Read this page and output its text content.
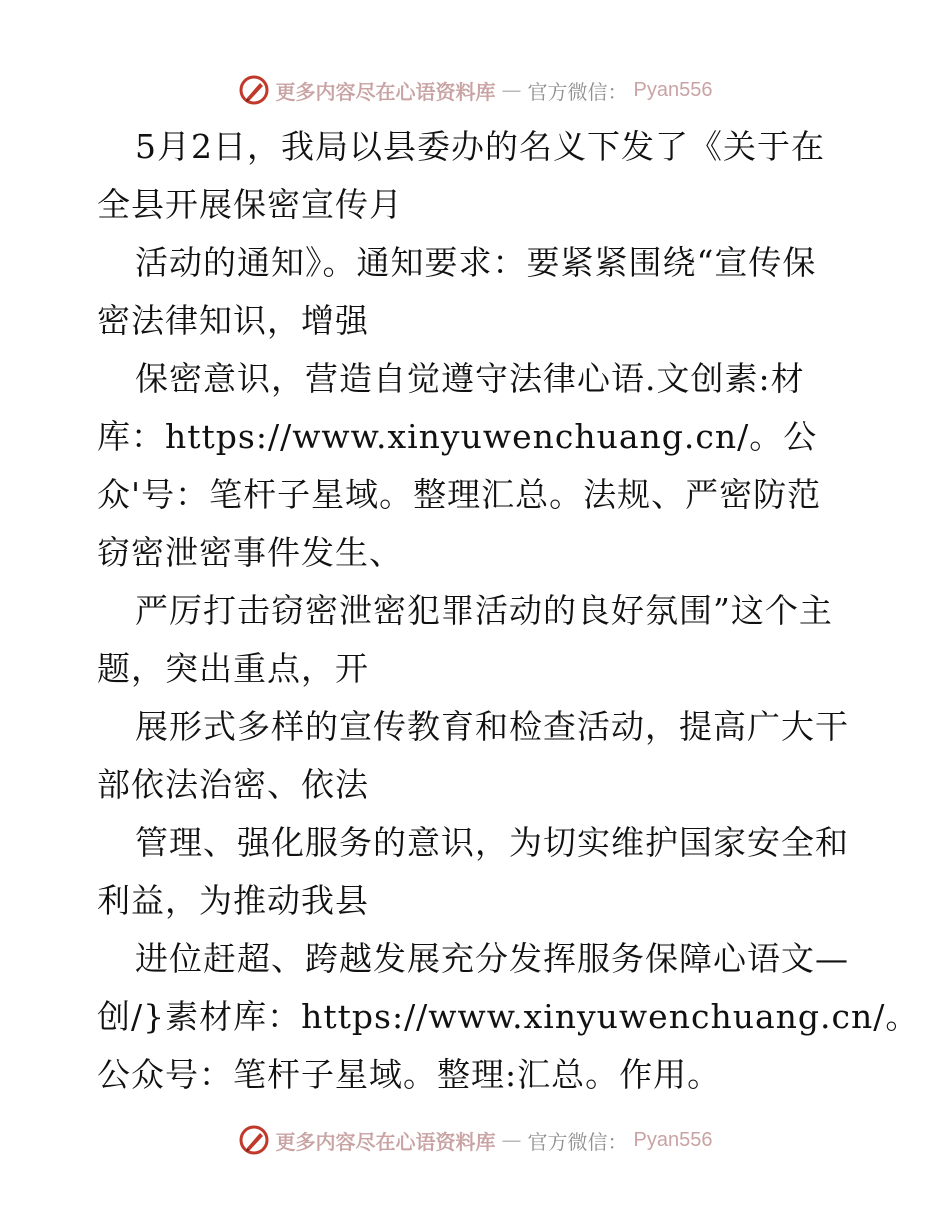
更多内容尽在心语资料库 — 官方微信： Pyan556
5月2日，我局以县委办的名义下发了《关于在
全县开展保密宣传月
活动的通知》。通知要求：要紧紧围绕“宣传保
密法律知识，增强
保密意识，营造自觉遵守法律心语.文创素:材
库：https://www.xinyuwenchuang.cn/。公
众'号：笔杆子星域。整理汇总。法规、严密防范
窃密泄密事件发生、
严厉打击窃密泄密犯罪活动的良好氛围”这个主
题，突出重点，开
展形式多样的宣传教育和检查活动，提高广大干
部依法治密、依法
管理、强化服务的意识，为切实维护国家安全和
利益，为推动我县
进位赶超、跨越发展充分发挥服务保障心语文—
创/}素材库：https://www.xinyuwenchuang.cn/。
公众号：笔杆子星域。整理:汇总。作用。
更多内容尽在心语资料库 — 官方微信： Pyan556
